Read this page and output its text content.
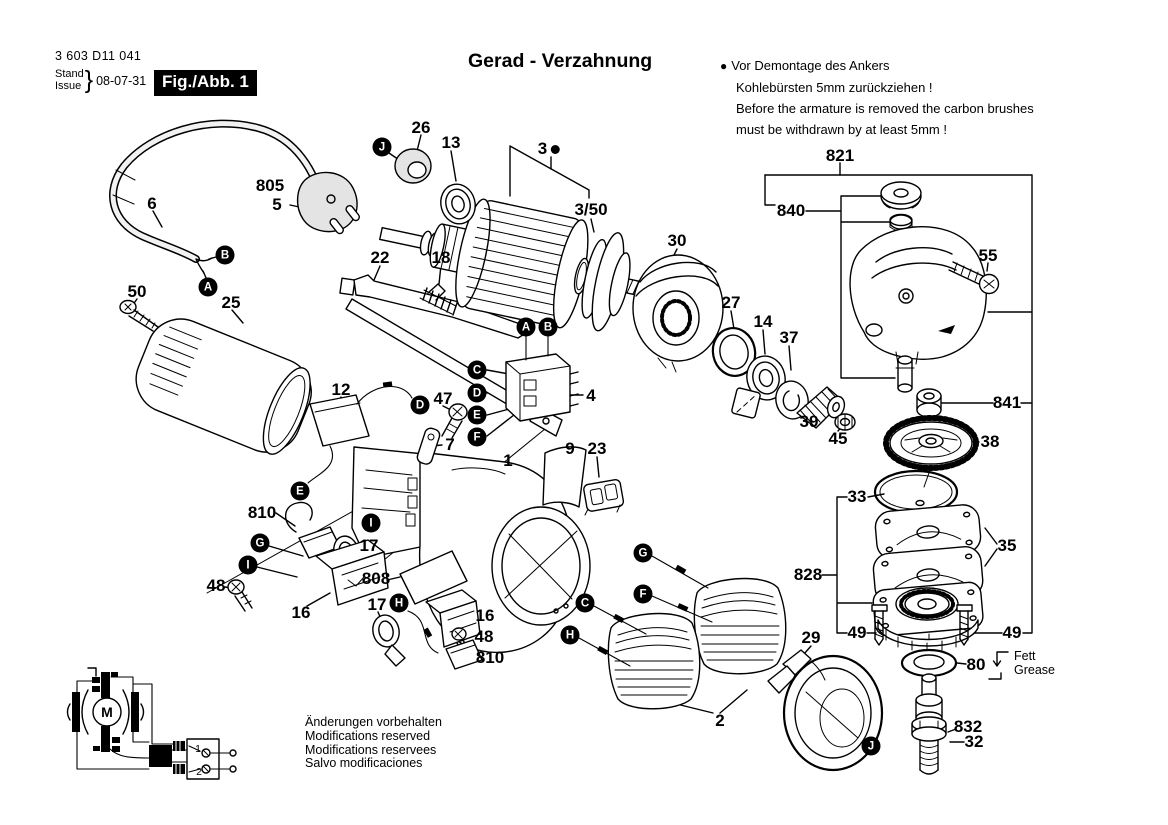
M
1
2
3 603 D11 041
Stand
Issue } 08-07-31 Fig./Abb. 1
Gerad - Verzahnung	● Vor Demontage des Ankers
Kohlebürsten 5mm zurückziehen !
Before the armature is removed the carbon brushes
must be withdrawn by at least 5mm !
Änderungen vorbehalten
Modifications reserved
Modifications reservees
Salvo modificaciones
Fett
Grease
26
13	3
3/50
805
5
6
50
25
22 18
30
27
14
37
39
45
12	47
7
4
1
9 23
810
17
48
16
808
17
16
48
810
2
29
821
840
55
841
38
33
35
828
49	49
80
832
32
J
B
A
A	B
C
D
E
F
D
E
I
G
I
H
G
F
C
H
J
